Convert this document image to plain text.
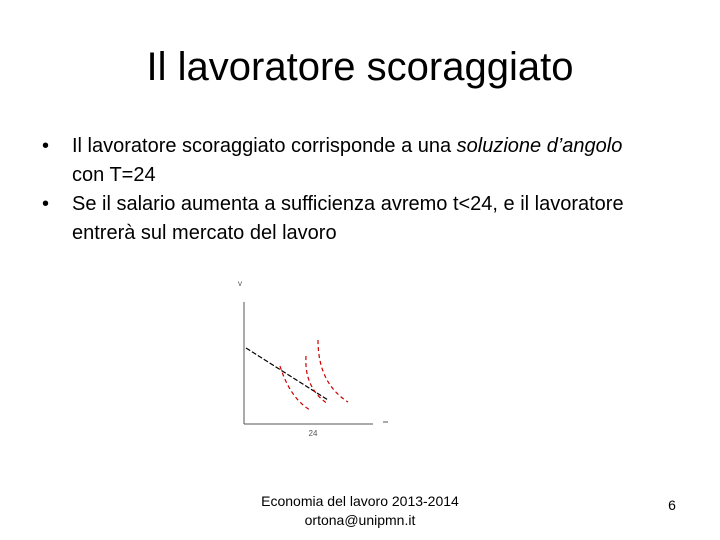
Il lavoratore scoraggiato
• Il lavoratore scoraggiato corrisponde a una soluzione d’angolo con T=24
• Se il salario aumenta a sufficienza avremo t<24, e il lavoratore entrerà sul mercato del lavoro
v
24
Economia del lavoro 2013-2014
ortona@unipmn.it
6
